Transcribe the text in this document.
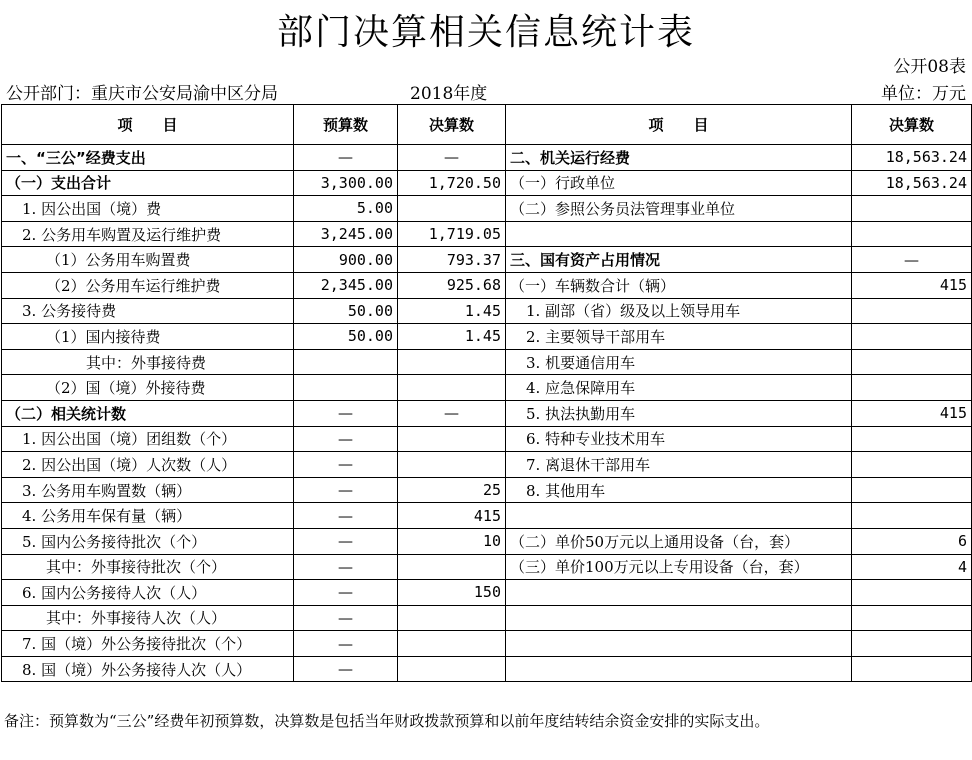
部门决算相关信息统计表
公开08表
公开部门：重庆市公安局渝中区分局	2018年度	单位：万元
项　　目	预算数	决算数	项　　目	决算数
一、“三公”经费支出	—	—	二、机关运行经费	18,563.24
（一）支出合计	3,300.00	1,720.50	（一）行政单位	18,563.24
1. 因公出国（境）费	5.00		（二）参照公务员法管理事业单位	
2. 公务用车购置及运行维护费	3,245.00	1,719.05		
（1）公务用车购置费	900.00	793.37	三、国有资产占用情况	—
（2）公务用车运行维护费	2,345.00	925.68	（一）车辆数合计（辆）	415
3. 公务接待费	50.00	1.45	1. 副部（省）级及以上领导用车	
（1）国内接待费	50.00	1.45	2. 主要领导干部用车	
其中：外事接待费			3. 机要通信用车	
（2）国（境）外接待费			4. 应急保障用车	
（二）相关统计数	—	—	5. 执法执勤用车	415
1. 因公出国（境）团组数（个）	—		6. 特种专业技术用车	
2. 因公出国（境）人次数（人）	—		7. 离退休干部用车	
3. 公务用车购置数（辆）	—	25	8. 其他用车	
4. 公务用车保有量（辆）	—	415		
5. 国内公务接待批次（个）	—	10	（二）单价50万元以上通用设备（台，套）	6
其中：外事接待批次（个）	—		（三）单价100万元以上专用设备（台，套）	4
6. 国内公务接待人次（人）	—	150		
其中：外事接待人次（人）	—			
7. 国（境）外公务接待批次（个）	—			
8. 国（境）外公务接待人次（人）	—			
备注：预算数为“三公”经费年初预算数，决算数是包括当年财政拨款预算和以前年度结转结余资金安排的实际支出。
